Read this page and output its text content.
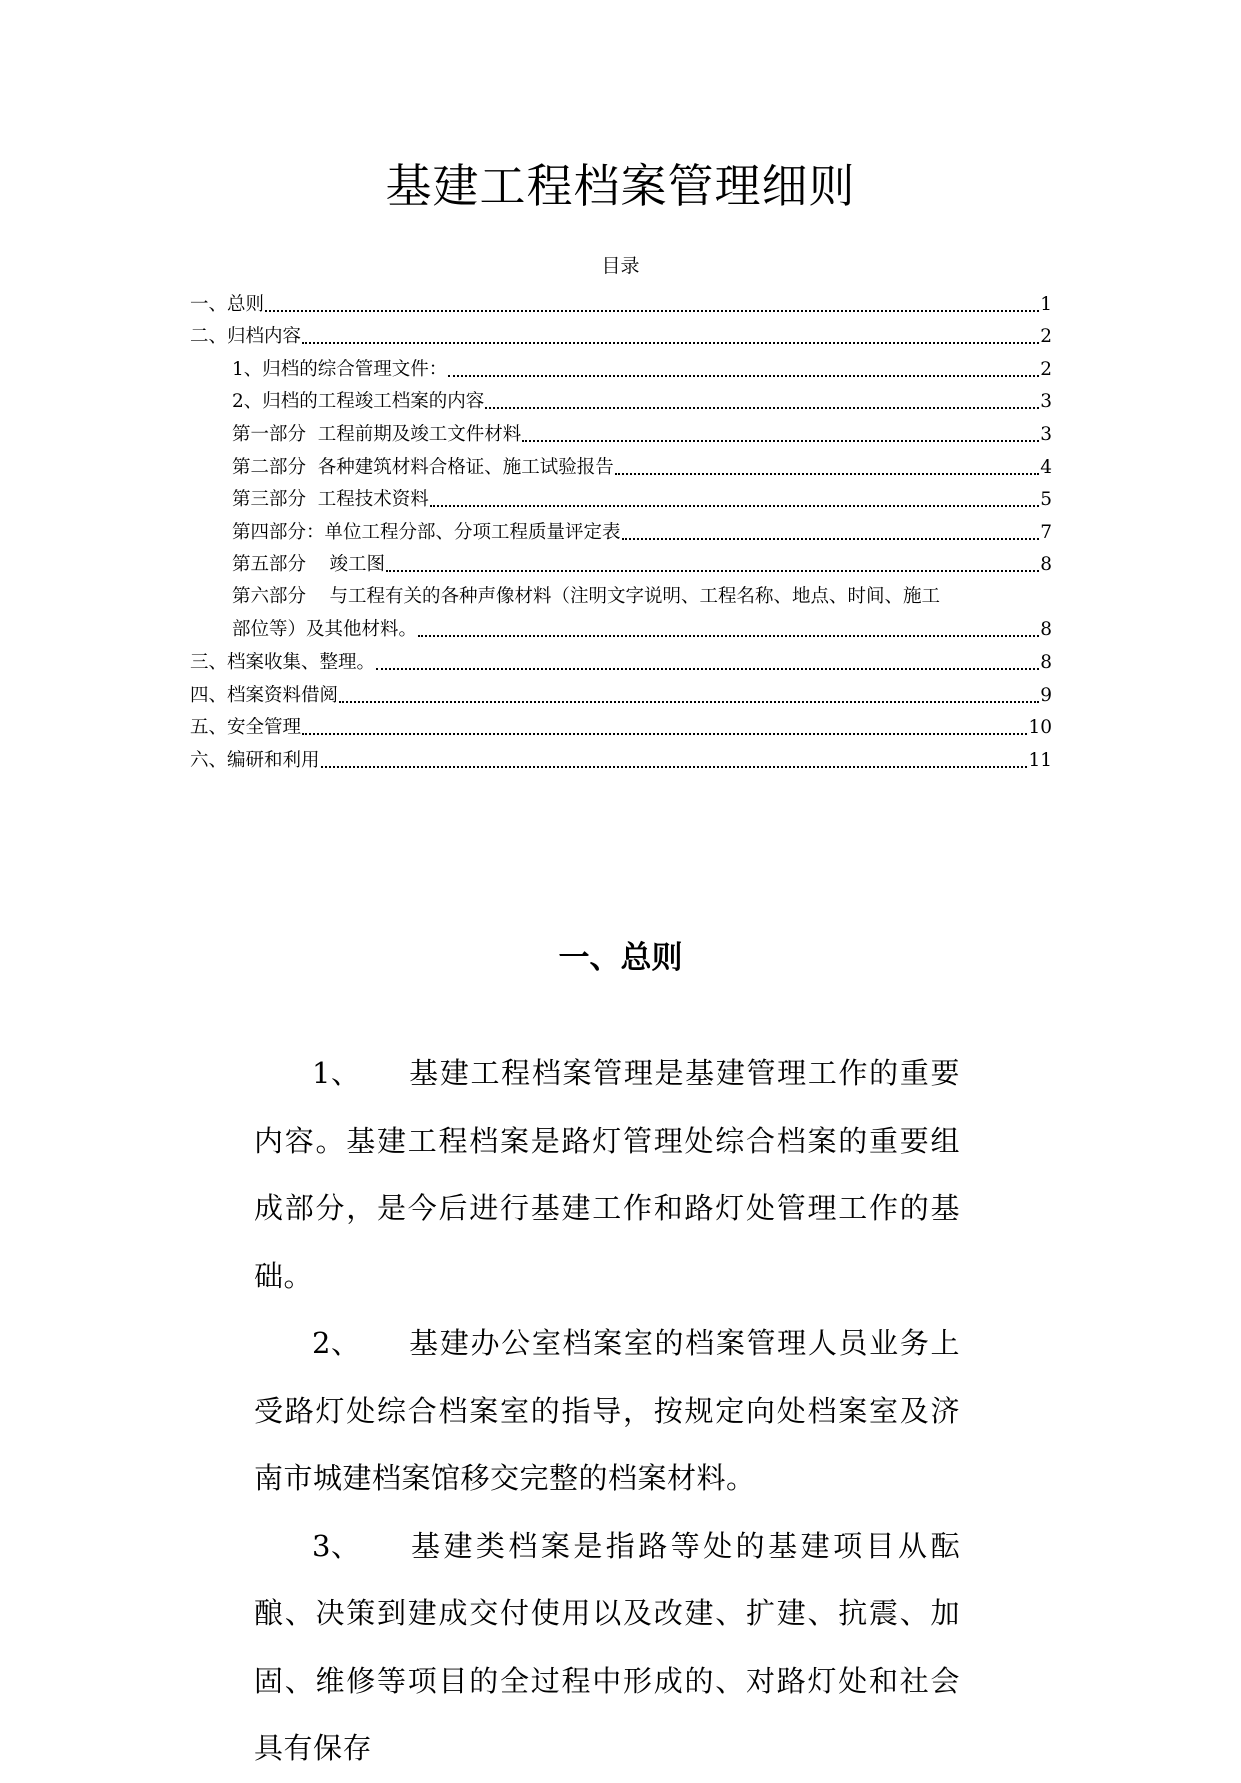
基建工程档案管理细则
目录
一、总则	1
二、归档内容	2
1、归档的综合管理文件：	2
2、归档的工程竣工档案的内容	3
第一部分  工程前期及竣工文件材料	3
第二部分  各种建筑材料合格证、施工试验报告	4
第三部分  工程技术资料	5
第四部分：单位工程分部、分项工程质量评定表	7
第五部分    竣工图	8
第六部分    与工程有关的各种声像材料（注明文字说明、工程名称、地点、时间、施工
部位等）及其他材料。	8
三、档案收集、整理。	8
四、档案资料借阅	9
五、安全管理	10
六、编研和利用	11
一、总则

1、 基建工程档案管理是基建管理工作的重要内容。基建工程档案是路灯管理处综合档案的重要组成部分，是今后进行基建工作和路灯处管理工作的基础。

2、 基建办公室档案室的档案管理人员业务上受路灯处综合档案室的指导，按规定向处档案室及济南市城建档案馆移交完整的档案材料。

3、 基建类档案是指路等处的基建项目从酝酿、决策到建成交付使用以及改建、扩建、抗震、加固、维修等项目的全过程中形成的、对路灯处和社会具有保存
